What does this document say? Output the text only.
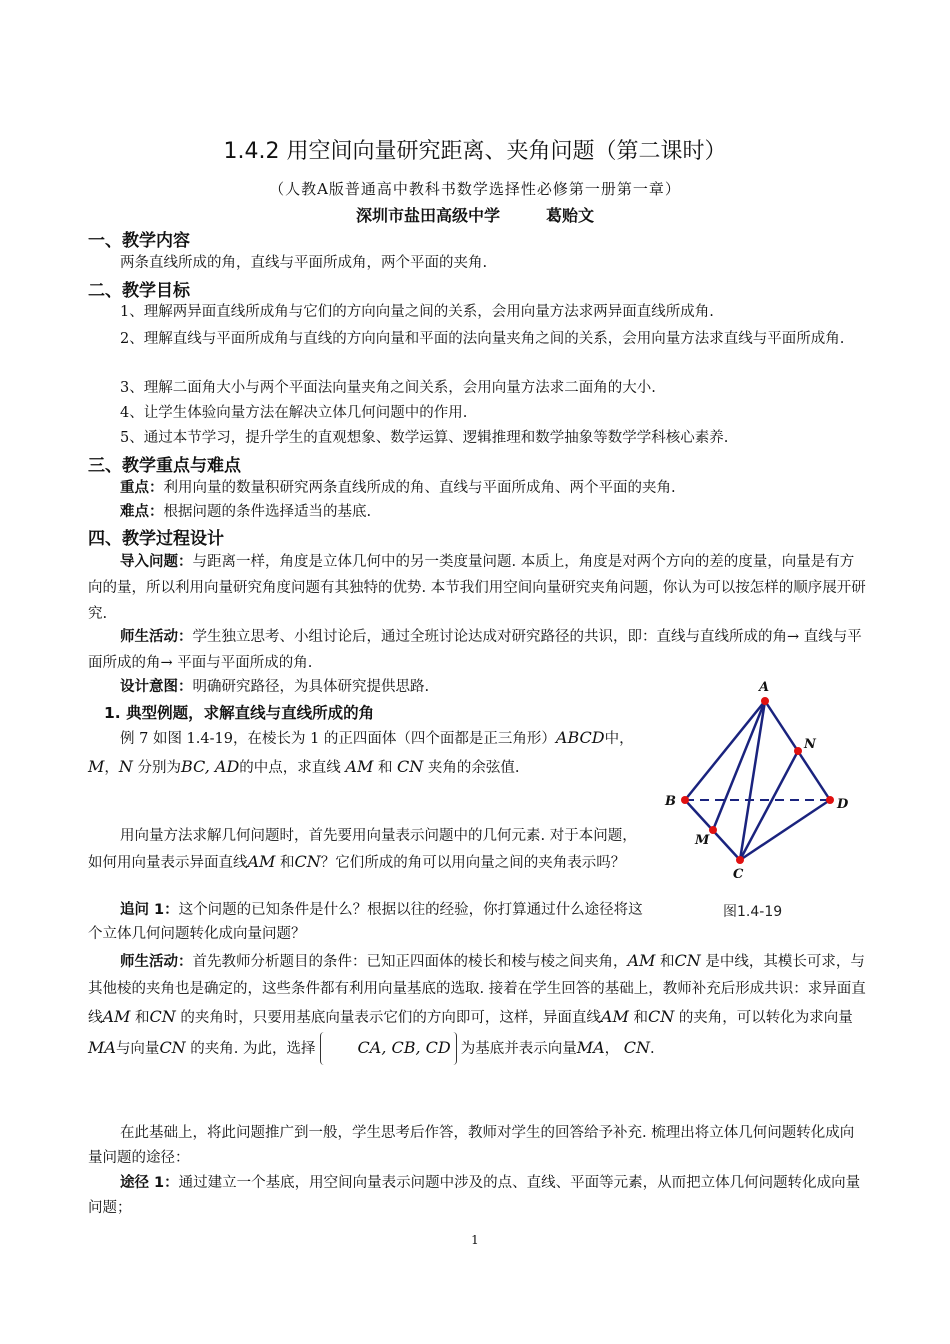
1.4.2 用空间向量研究距离、夹角问题（第二课时）
（人教A版普通高中教科书数学选择性必修第一册第一章）
深圳市盐田高级中学	葛贻文
一、教学内容
两条直线所成的角，直线与平面所成角，两个平面的夹角.
二、教学目标
1、理解两异面直线所成角与它们的方向向量之间的关系，会用向量方法求两异面直线所成角.
2、理解直线与平面所成角与直线的方向向量和平面的法向量夹角之间的关系，会用向量方法求直线与平面所成角.
3、理解二面角大小与两个平面法向量夹角之间关系，会用向量方法求二面角的大小.
4、让学生体验向量方法在解决立体几何问题中的作用.
5、通过本节学习，提升学生的直观想象、数学运算、逻辑推理和数学抽象等数学学科核心素养.
三、教学重点与难点
重点：利用向量的数量积研究两条直线所成的角、直线与平面所成角、两个平面的夹角.
难点：根据问题的条件选择适当的基底.
四、教学过程设计
导入问题：与距离一样，角度是立体几何中的另一类度量问题. 本质上，角度是对两个方向的差的度量，向量是有方向的量，所以利用向量研究角度问题有其独特的优势. 本节我们用空间向量研究夹角问题，你认为可以按怎样的顺序展开研究.
师生活动：学生独立思考、小组讨论后，通过全班讨论达成对研究路径的共识，即：直线与直线所成的角→ 直线与平面所成的角→ 平面与平面所成的角.
设计意图：明确研究路径，为具体研究提供思路.
1. 典型例题，求解直线与直线所成的角
例 7 如图 1.4-19，在棱长为 1 的正四面体（四个面都是正三角形）ABCD中， M，N 分别为BC, AD的中点，求直线 AM 和 CN 夹角的余弦值.
用向量方法求解几何问题时，首先要用向量表示问题中的几何元素. 对于本问题，如何用向量表示异面直线AM 和CN？它们所成的角可以用向量之间的夹角表示吗？
追问 1：这个问题的已知条件是什么？根据以往的经验，你打算通过什么途径将这个立体几何问题转化成向量问题？
师生活动：首先教师分析题目的条件：已知正四面体的棱长和棱与棱之间夹角，AM 和CN 是中线，其模长可求，与其他棱的夹角也是确定的，这些条件都有利用向量基底的选取. 接着在学生回答的基础上，教师补充后形成共识：求异面直线AM 和CN 的夹角时，只要用基底向量表示它们的方向即可，这样，异面直线AM 和CN 的夹角，可以转化为求向量MA与向量CN 的夹角. 为此，选择	CA, CB, CD 为基底并表示向量MA， CN.
在此基础上，将此问题推广到一般，学生思考后作答，教师对学生的回答给予补充. 梳理出将立体几何问题转化成向量问题的途径：
途径 1：通过建立一个基底，用空间向量表示问题中涉及的点、直线、平面等元素，从而把立体几何问题转化成向量问题；
A
B
C
D
M
N
图1.4-19
1
